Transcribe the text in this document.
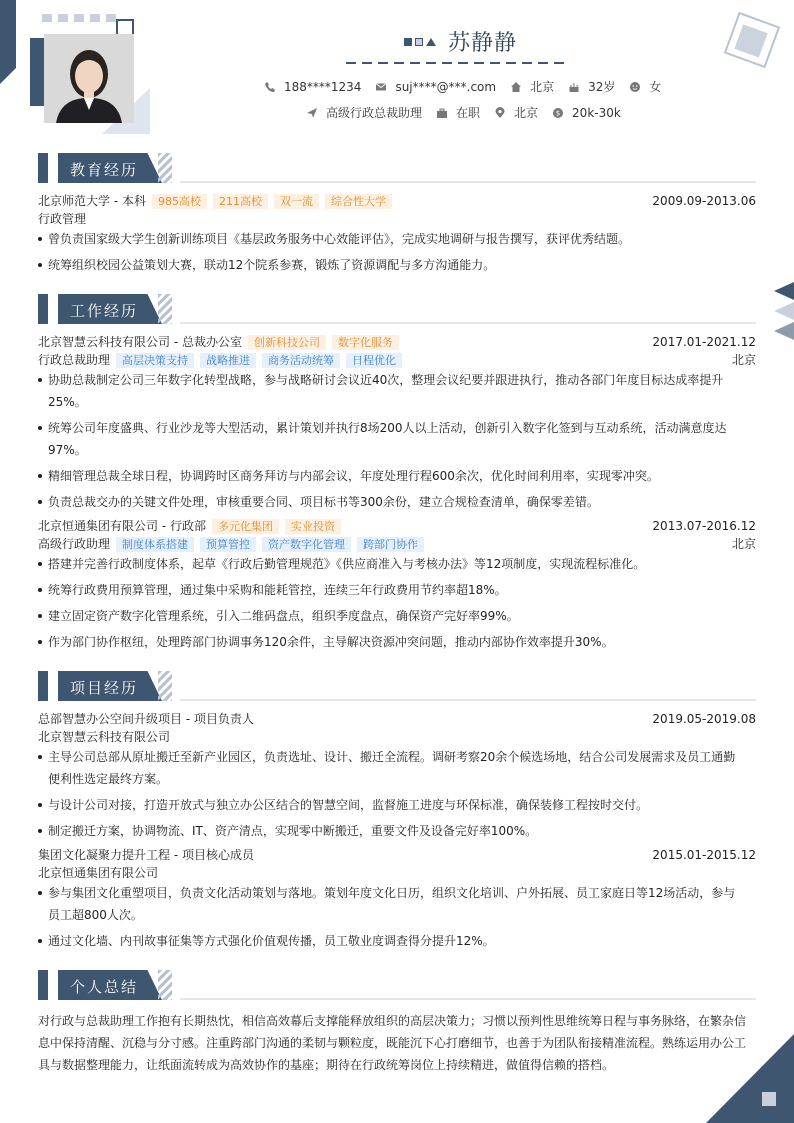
苏静静
188****1234	suj****@***.com	北京	32岁	女
高级行政总裁助理	在职	北京	$ 20k-30k
教育经历
北京师范大学 - 本科	985高校	211高校	双一流	综合性大学	2009.09-2013.06
行政管理
曾负责国家级大学生创新训练项目《基层政务服务中心效能评估》，完成实地调研与报告撰写，获评优秀结题。
统筹组织校园公益策划大赛，联动12个院系参赛，锻炼了资源调配与多方沟通能力。
工作经历
北京智慧云科技有限公司 - 总裁办公室	创新科技公司	数字化服务	2017.01-2021.12
行政总裁助理	高层决策支持	战略推进	商务活动统筹	日程优化	北京
协助总裁制定公司三年数字化转型战略，参与战略研讨会议近40次，整理会议纪要并跟进执行，推动各部门年度目标达成率提升25%。
统筹公司年度盛典、行业沙龙等大型活动，累计策划并执行8场200人以上活动，创新引入数字化签到与互动系统，活动满意度达97%。
精细管理总裁全球日程，协调跨时区商务拜访与内部会议，年度处理行程600余次，优化时间利用率，实现零冲突。
负责总裁交办的关键文件处理，审核重要合同、项目标书等300余份，建立合规检查清单，确保零差错。
北京恒通集团有限公司 - 行政部	多元化集团	实业投资	2013.07-2016.12
高级行政助理	制度体系搭建	预算管控	资产数字化管理	跨部门协作	北京
搭建并完善行政制度体系，起草《行政后勤管理规范》《供应商准入与考核办法》等12项制度，实现流程标准化。
统筹行政费用预算管理，通过集中采购和能耗管控，连续三年行政费用节约率超18%。
建立固定资产数字化管理系统，引入二维码盘点，组织季度盘点，确保资产完好率99%。
作为部门协作枢纽，处理跨部门协调事务120余件，主导解决资源冲突问题，推动内部协作效率提升30%。
项目经历
总部智慧办公空间升级项目 - 项目负责人	2019.05-2019.08
北京智慧云科技有限公司
主导公司总部从原址搬迁至新产业园区，负责选址、设计、搬迁全流程。调研考察20余个候选场地，结合公司发展需求及员工通勤便利性选定最终方案。
与设计公司对接，打造开放式与独立办公区结合的智慧空间，监督施工进度与环保标准，确保装修工程按时交付。
制定搬迁方案，协调物流、IT、资产清点，实现零中断搬迁，重要文件及设备完好率100%。
集团文化凝聚力提升工程 - 项目核心成员	2015.01-2015.12
北京恒通集团有限公司
参与集团文化重塑项目，负责文化活动策划与落地。策划年度文化日历，组织文化培训、户外拓展、员工家庭日等12场活动，参与员工超800人次。
通过文化墙、内刊故事征集等方式强化价值观传播，员工敬业度调查得分提升12%。
个人总结

对行政与总裁助理工作抱有长期热忱，相信高效幕后支撑能释放组织的高层决策力；习惯以预判性思维统筹日程与事务脉络，在繁杂信息中保持清醒、沉稳与分寸感。注重跨部门沟通的柔韧与颗粒度，既能沉下心打磨细节，也善于为团队衔接精准流程。熟练运用办公工具与数据整理能力，让纸面流转成为高效协作的基座；期待在行政统筹岗位上持续精进，做值得信赖的搭档。
